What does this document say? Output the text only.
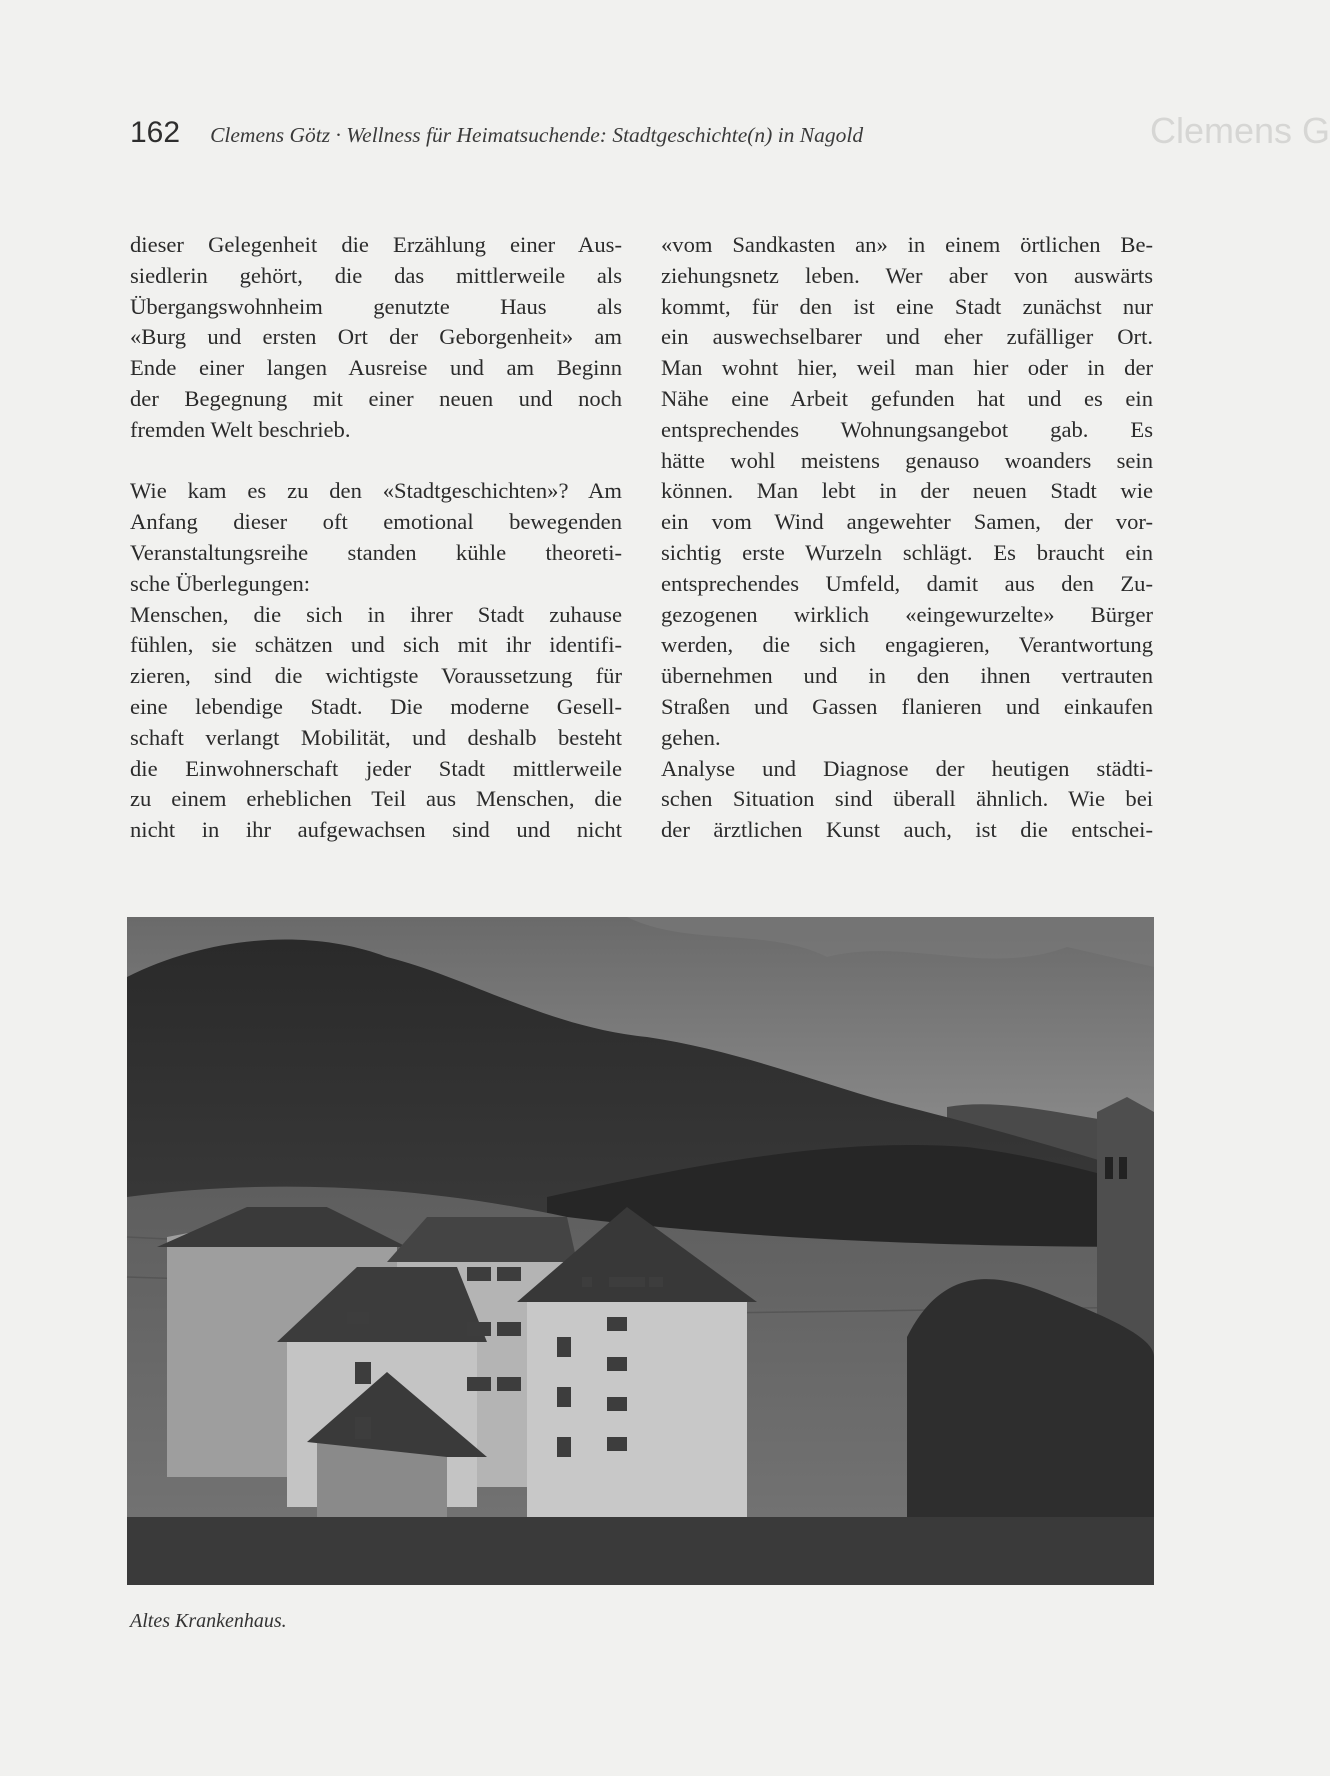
Clemens G
162 Clemens Götz · Wellness für Heimatsuchende: Stadtgeschichte(n) in Nagold

dieser Gelegenheit die Erzählung einer Aus-
siedlerin gehört, die das mittlerweile als
Übergangswohnheim genutzte Haus als
«Burg und ersten Ort der Geborgenheit» am
Ende einer langen Ausreise und am Beginn
der Begegnung mit einer neuen und noch
fremden Welt beschrieb.

Wie kam es zu den «Stadtgeschichten»? Am
Anfang dieser oft emotional bewegenden
Veranstaltungsreihe standen kühle theoreti-
sche Überlegungen:

Menschen, die sich in ihrer Stadt zuhause
fühlen, sie schätzen und sich mit ihr identifi-
zieren, sind die wichtigste Voraussetzung für
eine lebendige Stadt. Die moderne Gesell-
schaft verlangt Mobilität, und deshalb besteht
die Einwohnerschaft jeder Stadt mittlerweile
zu einem erheblichen Teil aus Menschen, die
nicht in ihr aufgewachsen sind und nicht

«vom Sandkasten an» in einem örtlichen Be-
ziehungsnetz leben. Wer aber von auswärts
kommt, für den ist eine Stadt zunächst nur
ein auswechselbarer und eher zufälliger Ort.
Man wohnt hier, weil man hier oder in der
Nähe eine Arbeit gefunden hat und es ein
entsprechendes Wohnungsangebot gab. Es
hätte wohl meistens genauso woanders sein
können. Man lebt in der neuen Stadt wie
ein vom Wind angewehter Samen, der vor-
sichtig erste Wurzeln schlägt. Es braucht ein
entsprechendes Umfeld, damit aus den Zu-
gezogenen wirklich «eingewurzelte» Bürger
werden, die sich engagieren, Verantwortung
übernehmen und in den ihnen vertrauten
Straßen und Gassen flanieren und einkaufen
gehen.

Analyse und Diagnose der heutigen städti-
schen Situation sind überall ähnlich. Wie bei
der ärztlichen Kunst auch, ist die entschei-

Altes Krankenhaus.
